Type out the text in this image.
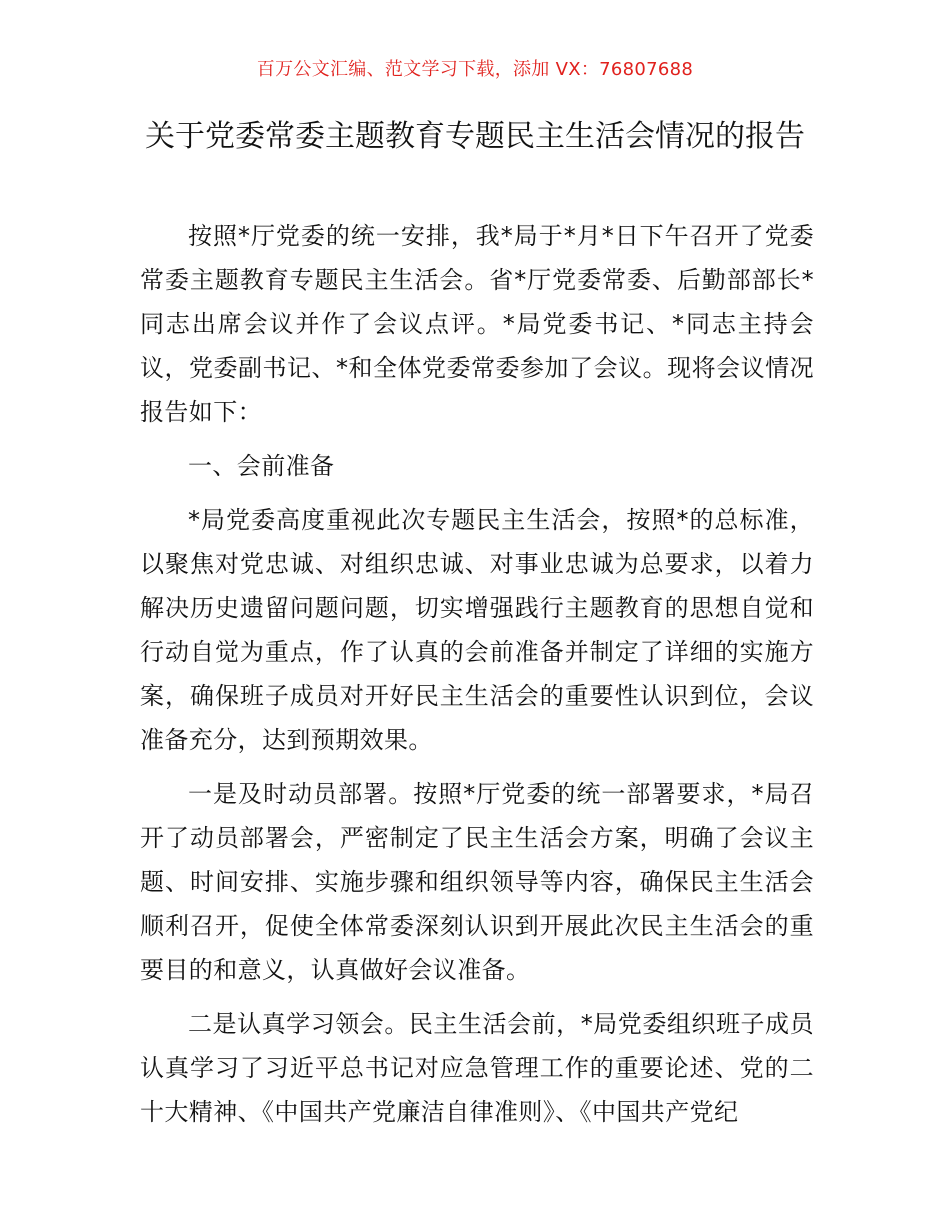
百万公文汇编、范文学习下载，添加 VX：76807688
关于党委常委主题教育专题民主生活会情况的报告

按照*厅党委的统一安排，我*局于*月*日下午召开了党委常委主题教育专题民主生活会。省*厅党委常委、后勤部部长*同志出席会议并作了会议点评。*局党委书记、*同志主持会议，党委副书记、*和全体党委常委参加了会议。现将会议情况报告如下：

一、会前准备

*局党委高度重视此次专题民主生活会，按照*的总标准，以聚焦对党忠诚、对组织忠诚、对事业忠诚为总要求，以着力解决历史遗留问题问题，切实增强践行主题教育的思想自觉和行动自觉为重点，作了认真的会前准备并制定了详细的实施方案，确保班子成员对开好民主生活会的重要性认识到位，会议准备充分，达到预期效果。

一是及时动员部署。按照*厅党委的统一部署要求，*局召开了动员部署会，严密制定了民主生活会方案，明确了会议主题、时间安排、实施步骤和组织领导等内容，确保民主生活会顺利召开，促使全体常委深刻认识到开展此次民主生活会的重要目的和意义，认真做好会议准备。

二是认真学习领会。民主生活会前，*局党委组织班子成员认真学习了习近平总书记对应急管理工作的重要论述、党的二十大精神、《中国共产党廉洁自律准则》、《中国共产党纪
